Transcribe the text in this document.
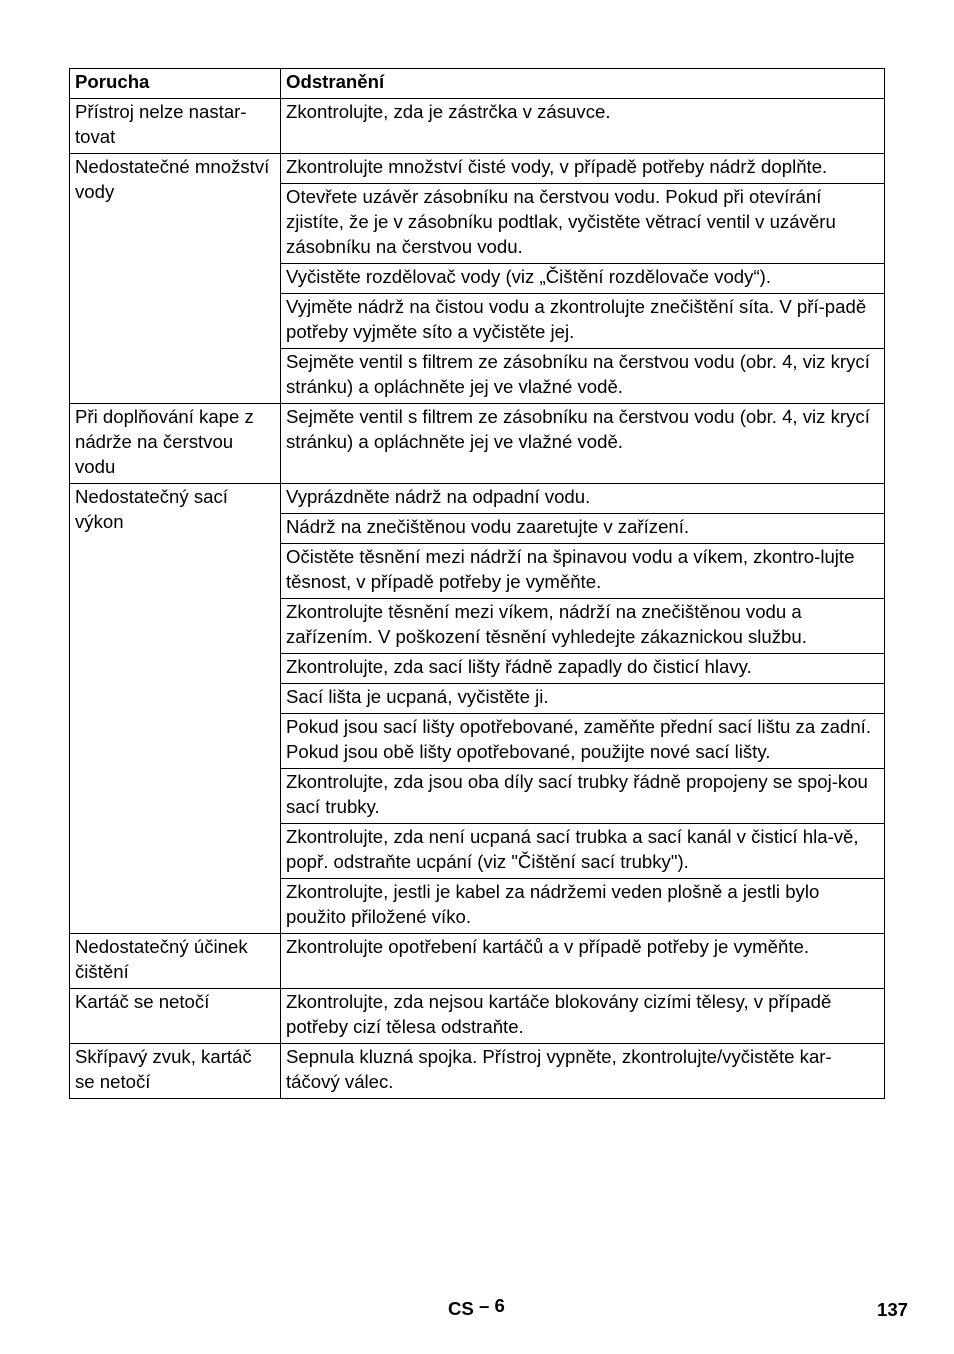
Porucha	Odstranění
Přístroj nelze nastar-tovat	Zkontrolujte, zda je zástrčka v zásuvce.
Nedostatečné množství vody	Zkontrolujte množství čisté vody, v případě potřeby nádrž doplňte.
	Otevřete uzávěr zásobníku na čerstvou vodu. Pokud při otevírání zjistíte, že je v zásobníku podtlak, vyčistěte větrací ventil v uzávěru zásobníku na čerstvou vodu.
	Vyčistěte rozdělovač vody (viz „Čištění rozdělovače vody“).
	Vyjměte nádrž na čistou vodu a zkontrolujte znečištění síta. V pří-padě potřeby vyjměte síto a vyčistěte jej.
	Sejměte ventil s filtrem ze zásobníku na čerstvou vodu (obr. 4, viz krycí stránku) a opláchněte jej ve vlažné vodě.
Při doplňování kape z nádrže na čerstvou vodu	Sejměte ventil s filtrem ze zásobníku na čerstvou vodu (obr. 4, viz krycí stránku) a opláchněte jej ve vlažné vodě.
Nedostatečný sací výkon	Vyprázdněte nádrž na odpadní vodu.
	Nádrž na znečištěnou vodu zaaretujte v zařízení.
	Očistěte těsnění mezi nádrží na špinavou vodu a víkem, zkontro-lujte těsnost, v případě potřeby je vyměňte.
	Zkontrolujte těsnění mezi víkem, nádrží na znečištěnou vodu a zařízením. V poškození těsnění vyhledejte zákaznickou službu.
	Zkontrolujte, zda sací lišty řádně zapadly do čisticí hlavy.
	Sací lišta je ucpaná, vyčistěte ji.
	Pokud jsou sací lišty opotřebované, zaměňte přední sací lištu za zadní. Pokud jsou obě lišty opotřebované, použijte nové sací lišty.
	Zkontrolujte, zda jsou oba díly sací trubky řádně propojeny se spoj-kou sací trubky.
	Zkontrolujte, zda není ucpaná sací trubka a sací kanál v čisticí hla-vě, popř. odstraňte ucpání (viz "Čištění sací trubky").
	Zkontrolujte, jestli je kabel za nádržemi veden plošně a jestli bylo použito přiložené víko.
Nedostatečný účinek čištění	Zkontrolujte opotřebení kartáčů a v případě potřeby je vyměňte.
Kartáč se netočí	Zkontrolujte, zda nejsou kartáče blokovány cizími tělesy, v případě potřeby cizí tělesa odstraňte.
Skřípavý zvuk, kartáč se netočí	Sepnula kluzná spojka. Přístroj vypněte, zkontrolujte/vyčistěte kar-táčový válec.
CS – 6	137
